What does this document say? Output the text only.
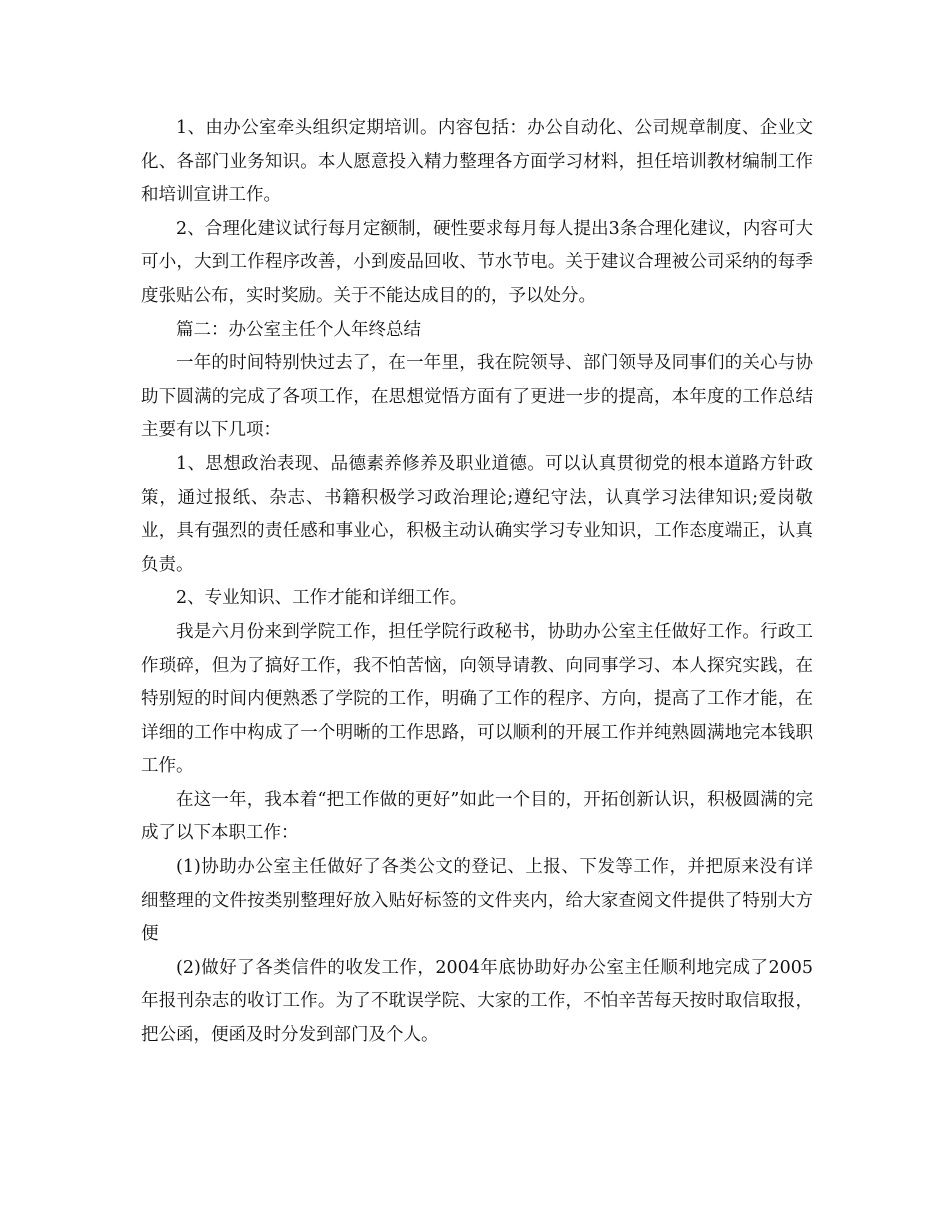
1、由办公室牵头组织定期培训。内容包括：办公自动化、公司规章制度、企业文化、各部门业务知识。本人愿意投入精力整理各方面学习材料，担任培训教材编制工作和培训宣讲工作。

2、合理化建议试行每月定额制，硬性要求每月每人提出3条合理化建议，内容可大可小，大到工作程序改善，小到废品回收、节水节电。关于建议合理被公司采纳的每季度张贴公布，实时奖励。关于不能达成目的的，予以处分。

篇二：办公室主任个人年终总结

一年的时间特别快过去了，在一年里，我在院领导、部门领导及同事们的关心与协助下圆满的完成了各项工作，在思想觉悟方面有了更进一步的提高，本年度的工作总结主要有以下几项：

1、思想政治表现、品德素养修养及职业道德。可以认真贯彻党的根本道路方针政策，通过报纸、杂志、书籍积极学习政治理论;遵纪守法，认真学习法律知识;爱岗敬业，具有强烈的责任感和事业心，积极主动认确实学习专业知识，工作态度端正，认真负责。

2、专业知识、工作才能和详细工作。

我是六月份来到学院工作，担任学院行政秘书，协助办公室主任做好工作。行政工作琐碎，但为了搞好工作，我不怕苦恼，向领导请教、向同事学习、本人探究实践，在特别短的时间内便熟悉了学院的工作，明确了工作的程序、方向，提高了工作才能，在详细的工作中构成了一个明晰的工作思路，可以顺利的开展工作并纯熟圆满地完本钱职工作。

在这一年，我本着“把工作做的更好”如此一个目的，开拓创新认识，积极圆满的完成了以下本职工作：

(1)协助办公室主任做好了各类公文的登记、上报、下发等工作，并把原来没有详细整理的文件按类别整理好放入贴好标签的文件夹内，给大家查阅文件提供了特别大方便

(2)做好了各类信件的收发工作，2004年底协助好办公室主任顺利地完成了2005年报刊杂志的收订工作。为了不耽误学院、大家的工作，不怕辛苦每天按时取信取报，把公函，便函及时分发到部门及个人。
